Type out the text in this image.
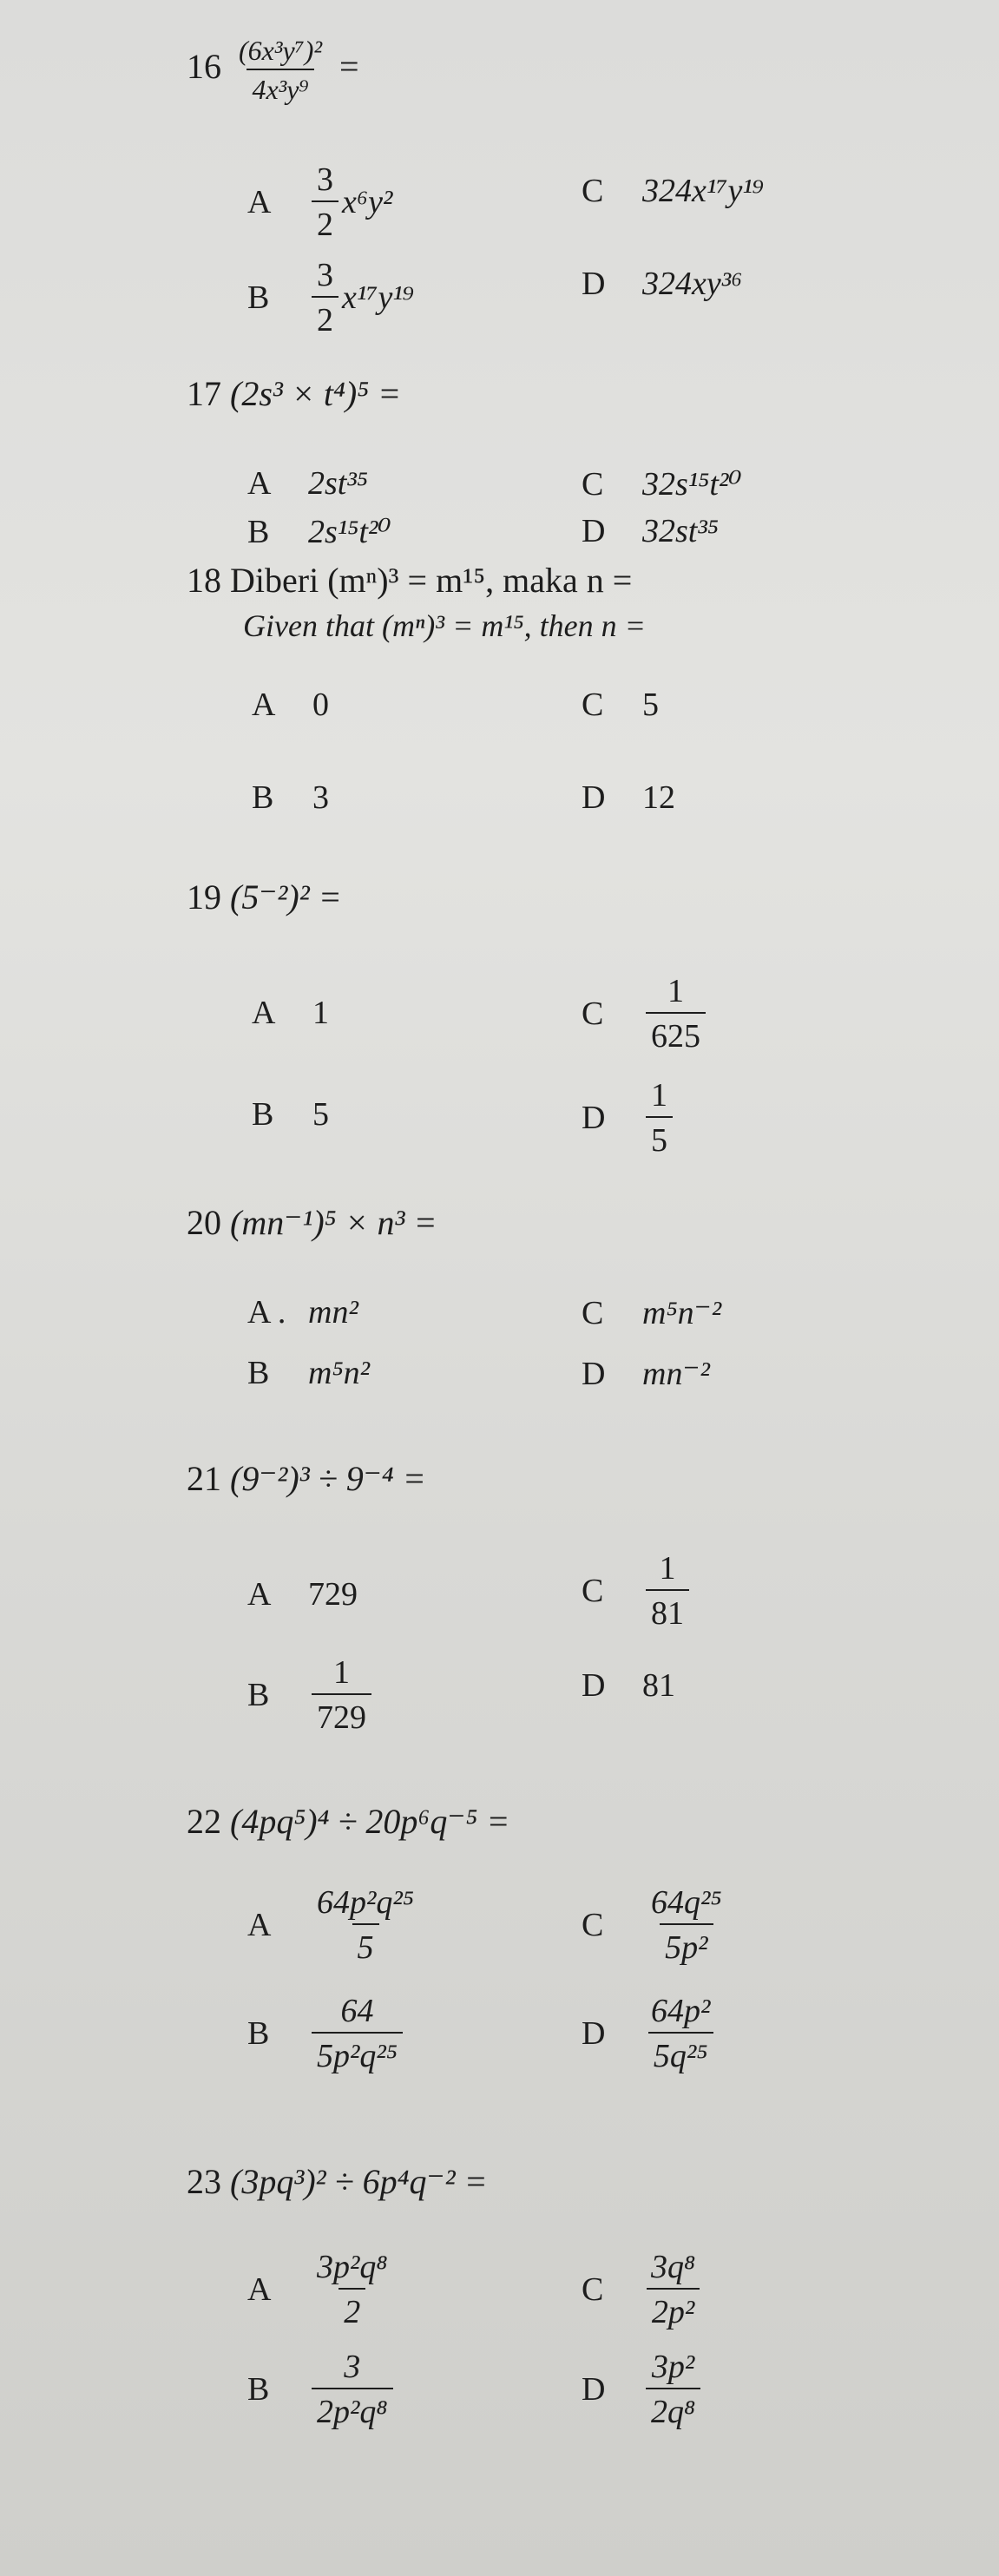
$16 \frac{\text{(6x³y⁷)²}}{\text{4x³y⁹}}$ =
A	$\frac{3}{2} x^6y^2$	C	324x¹⁷y¹⁹
B	$\frac{3}{2} x^{17}y^{19}$	D	324xy³⁶
17 (2s³ × t⁴)⁵ =
A	2st³⁵	C	32s¹⁵t²⁰
B	2s¹⁵t²⁰	D	32st³⁵
18 Diberi (mⁿ)³ = m¹⁵, maka n =
Given that (mⁿ)³ = m¹⁵, then n =
A	0	C	5
B	3	D	12
19 (5⁻²)² =
A	1	C	$\frac{1}{625}$
B	5	D	$\frac{1}{5}$
20 (mn⁻¹)⁵ × n³ =
A . mn²	C	m⁵n⁻²
B	m⁵n²	D	mn⁻²
21 (9⁻²)³ ÷ 9⁻⁴ =
A	729	C	$\frac{1}{81}$
B	$\frac{1}{729}$	D	81
22 (4pq⁵)⁴ ÷ 20p⁶q⁻⁵ =
A	$\frac{\text{64p²q²⁵}}{5}$	C	$\frac{\text{64q²⁵}}{\text{5p²}}$
B	$\frac{64}{\text{5p²q²⁵}}$	D	$\frac{\text{64p²}}{\text{5q²⁵}}$
23 (3pq³)² ÷ 6p⁴q⁻² =
A	$\frac{\text{3p²q⁸}}{2}$	C	$\frac{\text{3q⁸}}{\text{2p²}}$
B	$\frac{3}{\text{2p²q⁸}}$	D	$\frac{\text{3p²}}{\text{2q⁸}}$
